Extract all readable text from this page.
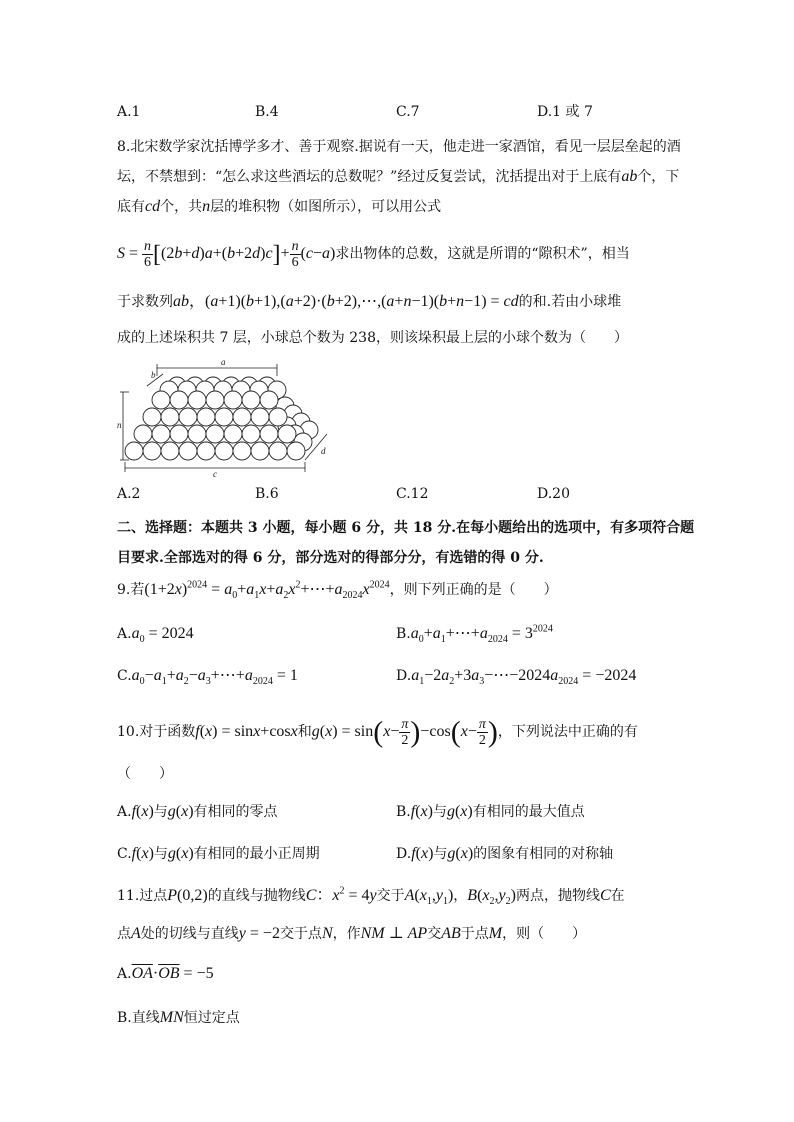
A.1	B.4	C.7	D.1 或 7
8.北宋数学家沈括博学多才、善于观察.据说有一天，他走进一家酒馆，看见一层层垒起的酒
坛，不禁想到：“怎么求这些酒坛的总数呢？”经过反复尝试，沈括提出对于上底有ab个，下
底有cd个，共n层的堆积物（如图所示），可以用公式
$S = \frac{n}{6} [(2b+d)a+(b+2d)c]+ \frac{n}{6} (c-a)$求出物体的总数，这就是所谓的“隙积术”，相当
于求数列ab，(a+1)(b+1),(a+2)·(b+2),⋯,(a+n−1)(b+n−1) = cd的和.若由小球堆
成的上述垛积共 7 层，小球总个数为 238，则该垛积最上层的小球个数为（　　）
a
b
n
c
d
A.2	B.6	C.12	D.20
二、选择题：本题共 3 小题，每小题 6 分，共 18 分.在每小题给出的选项中，有多项符合题
目要求.全部选对的得 6 分，部分选对的得部分分，有选错的得 0 分.
9.若$(1+2x)^{2024}$ = $a_0+a_1x+a_2x^2+\cdots+a_{2024}x^{2024}$，则下列正确的是（　　）
$A.a_0 = 2024$	$B.a_0+a_1+\cdots+a_{2024} = 3^{2024}$
$C.a_0-a_1+a_2-a_3+\cdots+a_{2024} = 1$	$D.a_1-2a_2+3a_3-\cdots-2024a_{2024} = -2024$
10.对于函数f(x) = sinx+cosx和$g(x) = \sin(x- \frac{\pi}{2} )-\cos(x- \frac{\pi}{2}$ )，下列说法中正确的有
（　　）
A.f(x)与g(x)有相同的零点	B.f(x)与g(x)有相同的最大值点
C.f(x)与g(x)有相同的最小正周期	D.f(x)与g(x)的图象有相同的对称轴
11.过点P(0,2)的直线与抛物线C：$x^2 = 4y$交于$A(x_1,y_1)$，$B(x_2,y_2)$两点，抛物线C在
点A处的切线与直线y = −2交于点N，作NM ⊥ AP交AB于点M，则（　　）
$A.\overline{OA}\cdot\overline{OB} = -5$
B.直线MN恒过定点
